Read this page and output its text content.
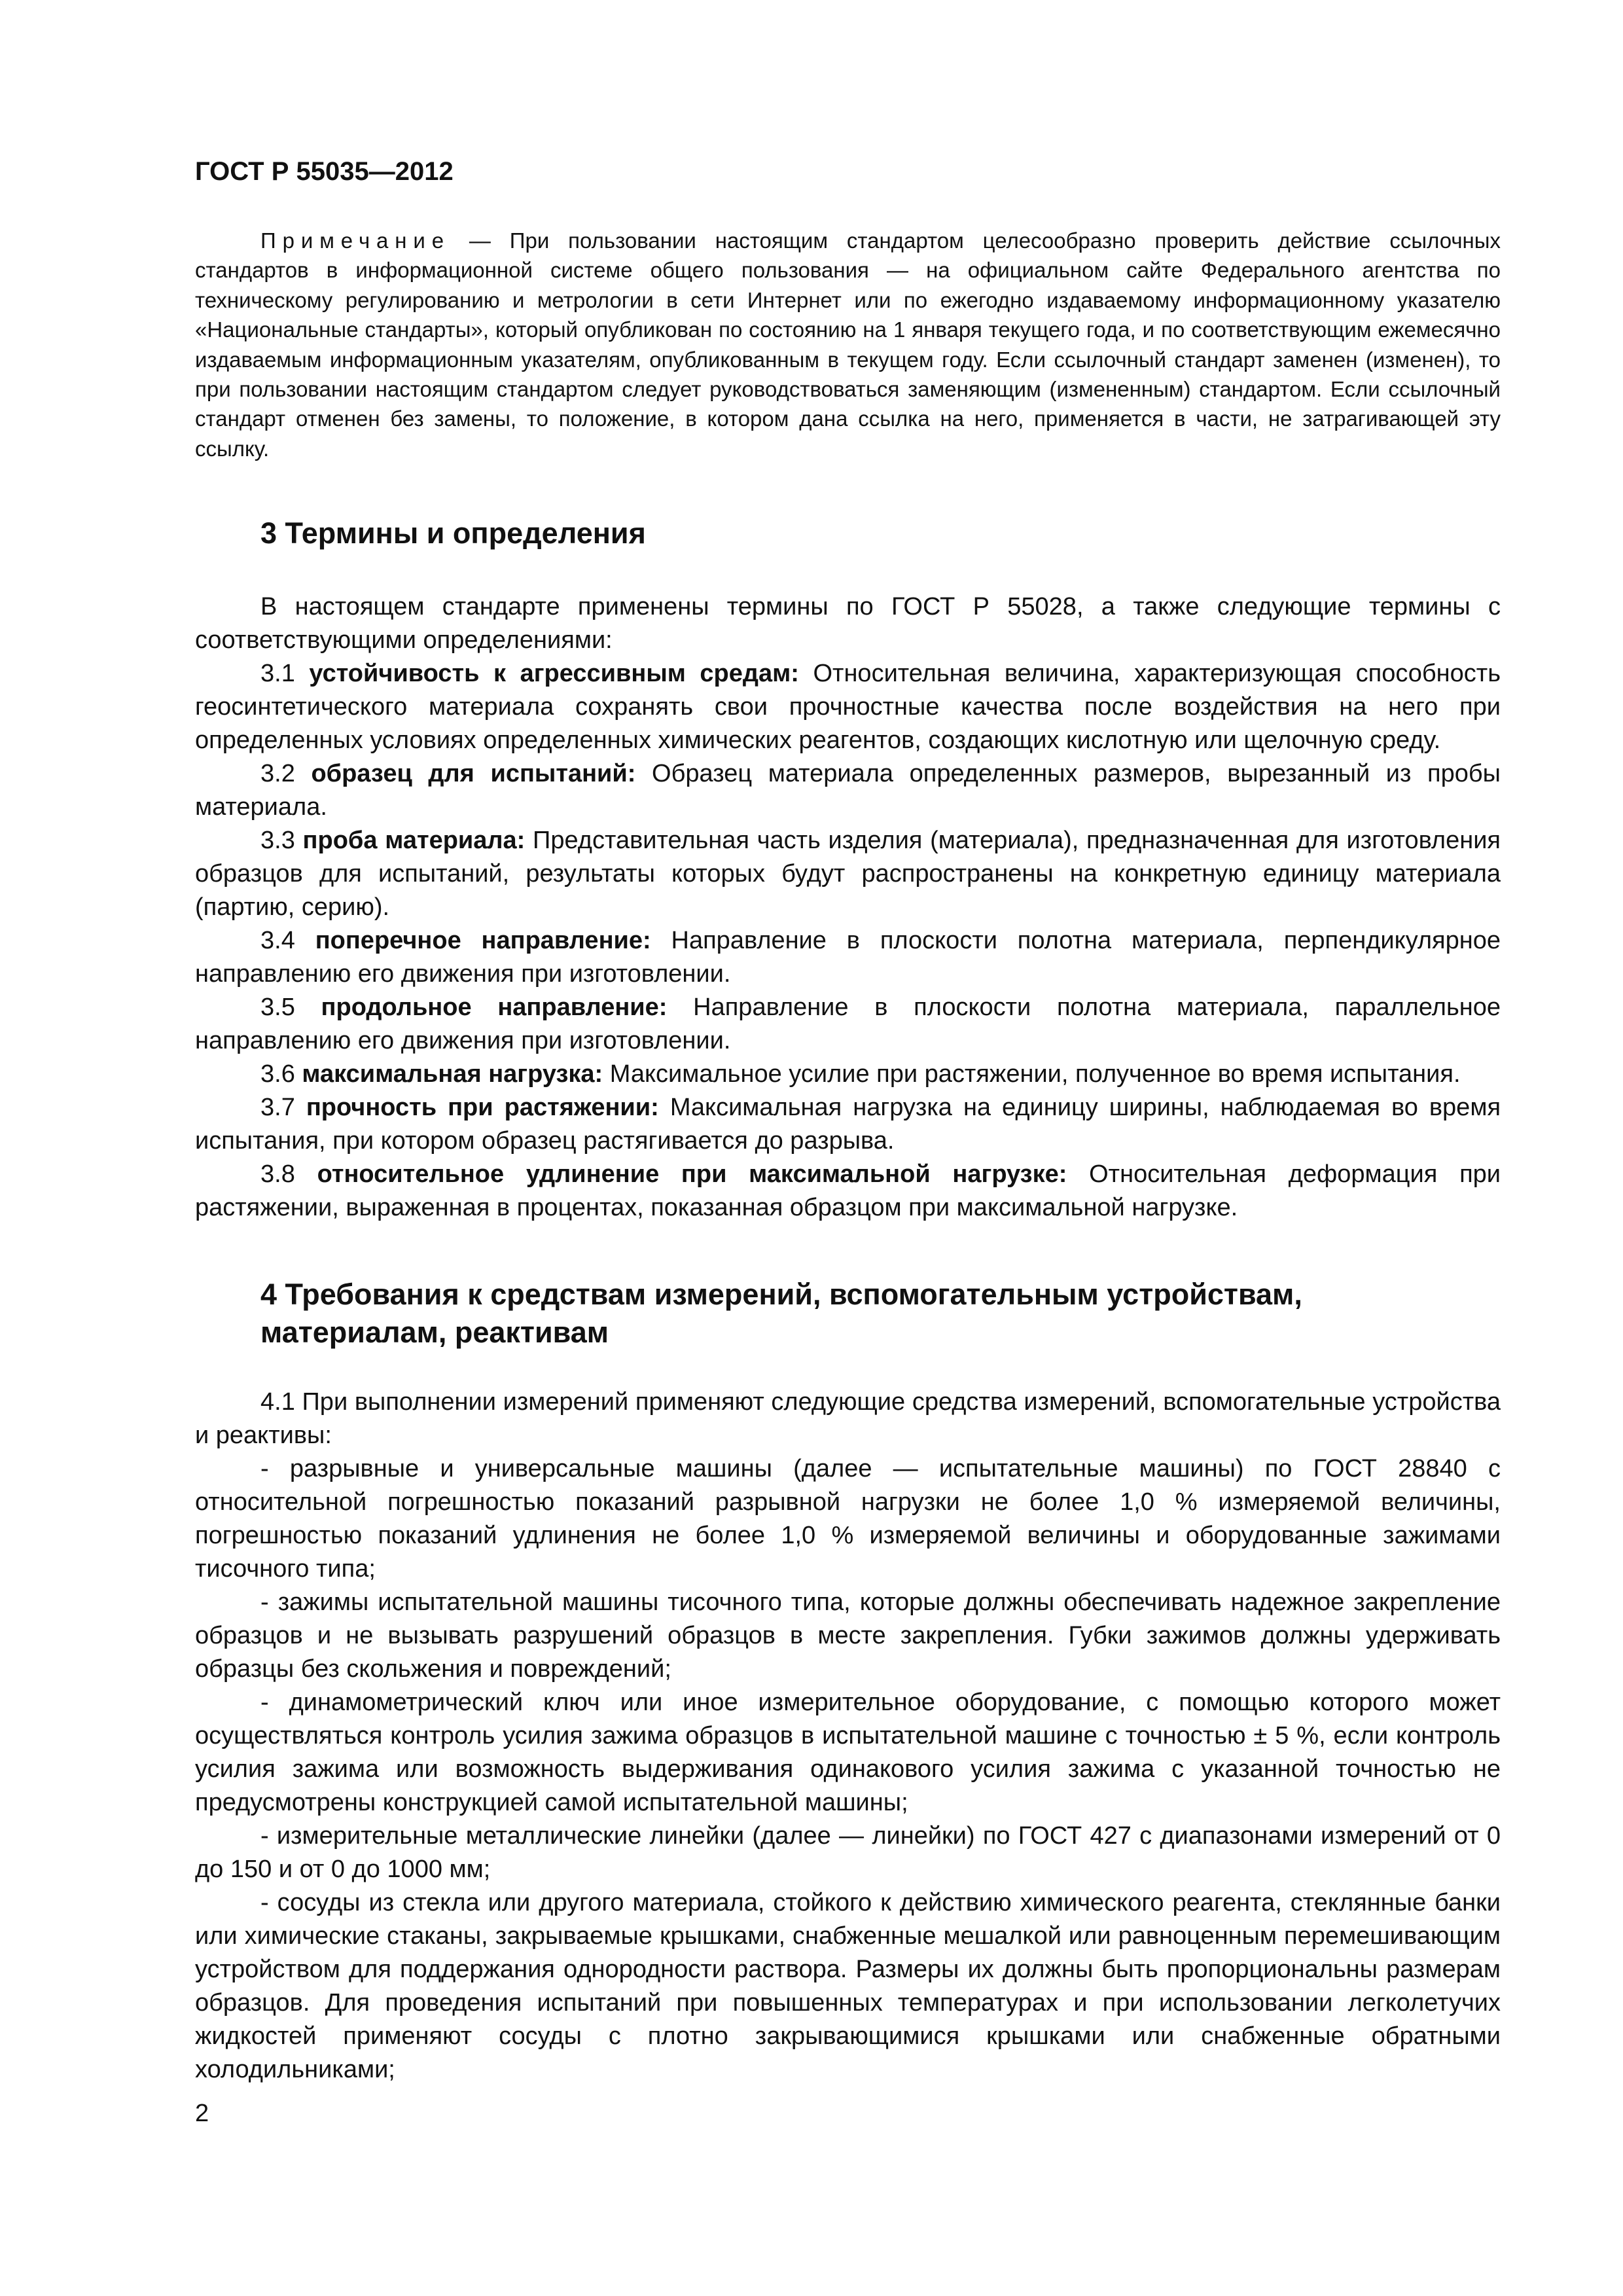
ГОСТ Р 55035—2012

Примечание — При пользовании настоящим стандартом целесообразно проверить действие ссылочных стандартов в информационной системе общего пользования — на официальном сайте Федерального агентства по техническому регулированию и метрологии в сети Интернет или по ежегодно издаваемому информационному указателю «Национальные стандарты», который опубликован по состоянию на 1 января текущего года, и по соответствующим ежемесячно издаваемым информационным указателям, опубликованным в текущем году. Если ссылочный стандарт заменен (изменен), то при пользовании настоящим стандартом следует руководствоваться заменяющим (измененным) стандартом. Если ссылочный стандарт отменен без замены, то положение, в котором дана ссылка на него, применяется в части, не затрагивающей эту ссылку.

3 Термины и определения

В настоящем стандарте применены термины по ГОСТ Р 55028, а также следующие термины с соответствующими определениями:

3.1 устойчивость к агрессивным средам: Относительная величина, характеризующая способность геосинтетического материала сохранять свои прочностные качества после воздействия на него при определенных условиях определенных химических реагентов, создающих кислотную или щелочную среду.

3.2 образец для испытаний: Образец материала определенных размеров, вырезанный из пробы материала.

3.3 проба материала: Представительная часть изделия (материала), предназначенная для изготовления образцов для испытаний, результаты которых будут распространены на конкретную единицу материала (партию, серию).

3.4 поперечное направление: Направление в плоскости полотна материала, перпендикулярное направлению его движения при изготовлении.

3.5 продольное направление: Направление в плоскости полотна материала, параллельное направлению его движения при изготовлении.

3.6 максимальная нагрузка: Максимальное усилие при растяжении, полученное во время испытания.

3.7 прочность при растяжении: Максимальная нагрузка на единицу ширины, наблюдаемая во время испытания, при котором образец растягивается до разрыва.

3.8 относительное удлинение при максимальной нагрузке: Относительная деформация при растяжении, выраженная в процентах, показанная образцом при максимальной нагрузке.

4 Требования к средствам измерений, вспомогательным устройствам,
материалам, реактивам

4.1 При выполнении измерений применяют следующие средства измерений, вспомогательные устройства и реактивы:

- разрывные и универсальные машины (далее — испытательные машины) по ГОСТ 28840 с относительной погрешностью показаний разрывной нагрузки не более 1,0 % измеряемой величины, погрешностью показаний удлинения не более 1,0 % измеряемой величины и оборудованные зажимами тисочного типа;

- зажимы испытательной машины тисочного типа, которые должны обеспечивать надежное закрепление образцов и не вызывать разрушений образцов в месте закрепления. Губки зажимов должны удерживать образцы без скольжения и повреждений;

- динамометрический ключ или иное измерительное оборудование, с помощью которого может осуществляться контроль усилия зажима образцов в испытательной машине с точностью ± 5 %, если контроль усилия зажима или возможность выдерживания одинакового усилия зажима с указанной точностью не предусмотрены конструкцией самой испытательной машины;

- измерительные металлические линейки (далее — линейки) по ГОСТ 427 с диапазонами измерений от 0 до 150 и от 0 до 1000 мм;

- сосуды из стекла или другого материала, стойкого к действию химического реагента, стеклянные банки или химические стаканы, закрываемые крышками, снабженные мешалкой или равноценным перемешивающим устройством для поддержания однородности раствора. Размеры их должны быть пропорциональны размерам образцов. Для проведения испытаний при повышенных температурах и при использовании легколетучих жидкостей применяют сосуды с плотно закрывающимися крышками или снабженные обратными холодильниками;

2
